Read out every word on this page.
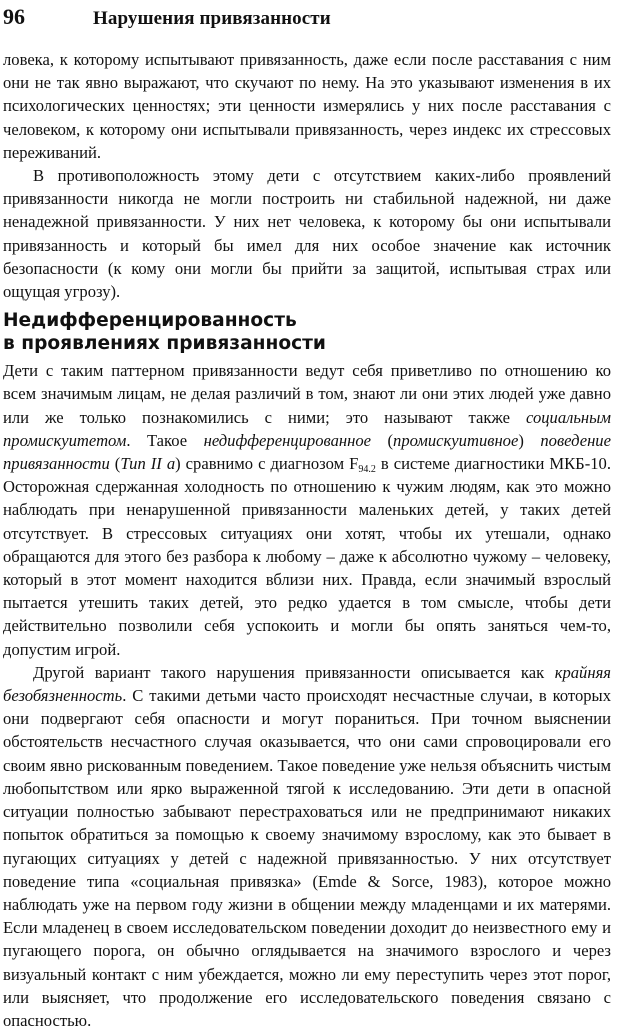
96	Нарушения привязанности

ловека, к которому испытывают привязанность, даже если после расставания с ним они не так явно выражают, что скучают по нему. На это указывают изменения в их психологических ценностях; эти ценности измерялись у них после расставания с человеком, к которому они испытывали привязанность, через индекс их стрессовых переживаний.

В противоположность этому дети с отсутствием каких-либо проявлений привязанности никогда не могли построить ни стабильной надежной, ни даже ненадежной привязанности. У них нет человека, к которому бы они испытывали привязанность и который бы имел для них особое значение как источник безопасности (к кому они могли бы прийти за защитой, испытывая страх или ощущая угрозу).

Недифференцированность
в проявлениях привязанности

Дети с таким паттерном привязанности ведут себя приветливо по отношению ко всем значимым лицам, не делая различий в том, знают ли они этих людей уже давно или же только познакомились с ними; это называют также социальным промискуитетом. Такое недифференцированное (промискуитивное) поведение привязанности (Тип II а) сравнимо с диагнозом $F_{94.2}$ в системе диагностики МКБ-10. Осторожная сдержанная холодность по отношению к чужим людям, как это можно наблюдать при ненарушенной привязанности маленьких детей, у таких детей отсутствует. В стрессовых ситуациях они хотят, чтобы их утешали, однако обращаются для этого без разбора к любому – даже к абсолютно чужому – человеку, который в этот момент находится вблизи них. Правда, если значимый взрослый пытается утешить таких детей, это редко удается в том смысле, чтобы дети действительно позволили себя успокоить и могли бы опять заняться чем-то, допустим игрой.

Другой вариант такого нарушения привязанности описывается как крайняя безобязненность. С такими детьми часто происходят несчастные случаи, в которых они подвергают себя опасности и могут пораниться. При точном выяснении обстоятельств несчастного случая оказывается, что они сами спровоцировали его своим явно рискованным поведением. Такое поведение уже нельзя объяснить чистым любопытством или ярко выраженной тягой к исследованию. Эти дети в опасной ситуации полностью забывают перестраховаться или не предпринимают никаких попыток обратиться за помощью к своему значимому взрослому, как это бывает в пугающих ситуациях у детей с надежной привязанностью. У них отсутствует поведение типа «социальная привязка» (Emde & Sorce, 1983), которое можно наблюдать уже на первом году жизни в общении между младенцами и их матерями. Если младенец в своем исследовательском поведении доходит до неизвестного ему и пугающего порога, он обычно оглядывается на значимого взрослого и через визуальный контакт с ним убеждается, можно ли ему переступить через этот порог, или выясняет, что продолжение его исследовательского поведения связано с опасностью.
